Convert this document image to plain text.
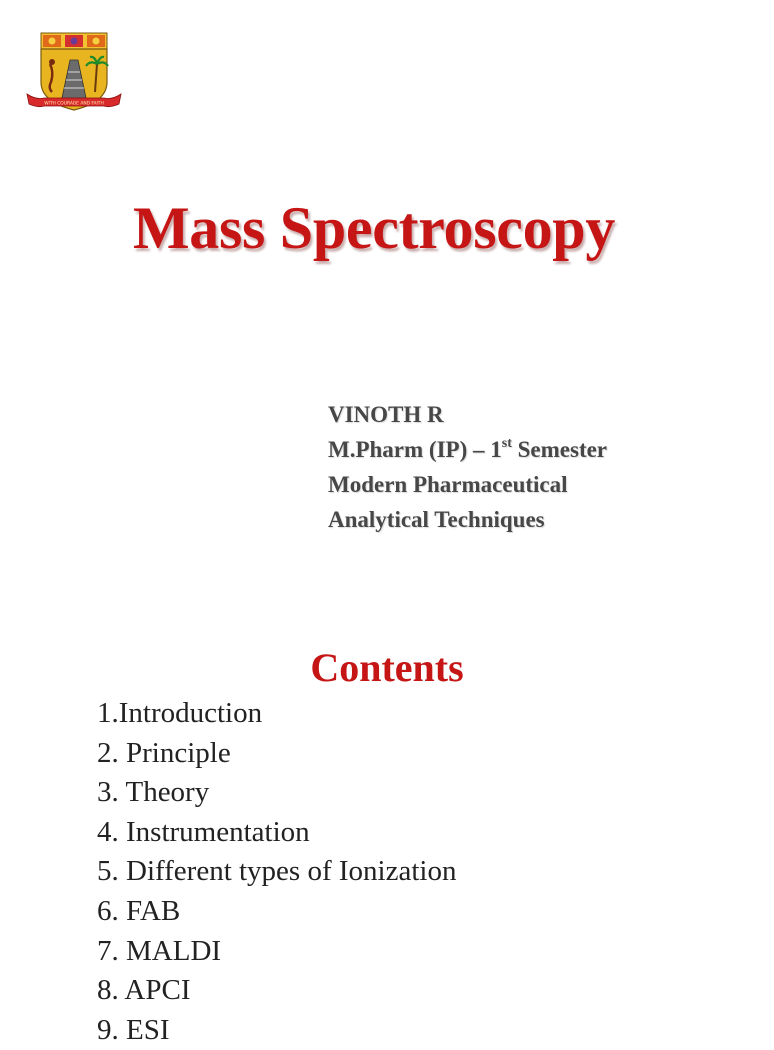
WITH COURAGE AND FAITH
Mass Spectroscopy
VINOTH R
M.Pharm (IP) – 1st Semester
Modern Pharmaceutical
Analytical Techniques
Contents
1.Introduction
2. Principle
3. Theory
4. Instrumentation
5. Different types of Ionization
6. FAB
7. MALDI
8. APCI
9. ESI
